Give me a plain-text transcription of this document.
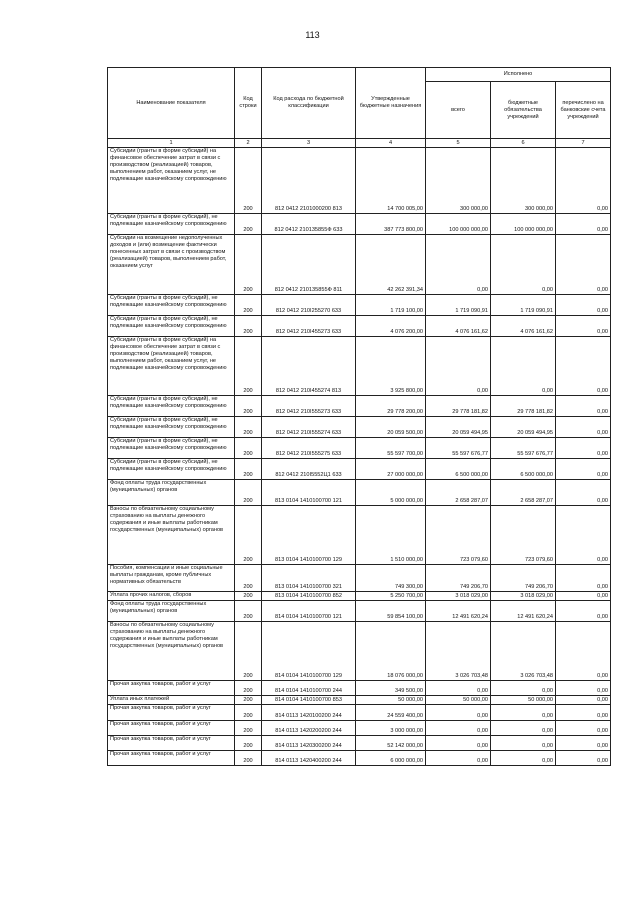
113
Наименование показателя	Код строки	Код расхода по бюджетной классификации	Утвержденные бюджетные назначения	Исполнено		
				всего	бюджетные обязательства учреждений	перечислено на банковские счета учреждений
1	2	3	4	5	6	7
Субсидии (гранты в форме субсидий) на финансовое обеспечение затрат в связи с производством (реализацией) товаров, выполнением работ, оказанием услуг, не подлежащие казначейскому сопровождению	200	812 0412 2101000200 813	14 700 005,00	300 000,00	300 000,00	0,00
Субсидии (гранты в форме субсидий), не подлежащие казначейскому сопровождению	200	812 0412 210135855Ф 633	387 773 800,00	100 000 000,00	100 000 000,00	0,00
Субсидии на возмещение недополученных доходов и (или) возмещение фактически понесенных затрат в связи с производством (реализацией) товаров, выполнением работ, оказанием услуг	200	812 0412 210135855Ф 811	42 262 391,34	0,00	0,00	0,00
Субсидии (гранты в форме субсидий), не подлежащие казначейскому сопровождению	200	812 0412 210I255270 633	1 719 100,00	1 719 090,91	1 719 090,91	0,00
Субсидии (гранты в форме субсидий), не подлежащие казначейскому сопровождению	200	812 0412 210I455273 633	4 076 200,00	4 076 161,62	4 076 161,62	0,00
Субсидии (гранты в форме субсидий) на финансовое обеспечение затрат в связи с производством (реализацией) товаров, выполнением работ, оказанием услуг, не подлежащие казначейскому сопровождению	200	812 0412 210I455274 813	3 925 800,00	0,00	0,00	0,00
Субсидии (гранты в форме субсидий), не подлежащие казначейскому сопровождению	200	812 0412 210I555273 633	29 778 200,00	29 778 181,82	29 778 181,82	0,00
Субсидии (гранты в форме субсидий), не подлежащие казначейскому сопровождению	200	812 0412 210I555274 633	20 059 500,00	20 059 494,95	20 059 494,95	0,00
Субсидии (гранты в форме субсидий), не подлежащие казначейскому сопровождению	200	812 0412 210I555275 633	55 597 700,00	55 597 676,77	55 597 676,77	0,00
Субсидии (гранты в форме субсидий), не подлежащие казначейскому сопровождению	200	812 0412 210I5552Ц1 633	27 000 000,00	6 500 000,00	6 500 000,00	0,00
Фонд оплаты труда государственных (муниципальных) органов	200	813 0104 1410100700 121	5 000 000,00	2 658 287,07	2 658 287,07	0,00
Взносы по обязательному социальному страхованию на выплаты денежного содержания и иные выплаты работникам государственных (муниципальных) органов	200	813 0104 1410100700 129	1 510 000,00	723 079,60	723 079,60	0,00
Пособия, компенсации и иные социальные выплаты гражданам, кроме публичных нормативных обязательств	200	813 0104 1410100700 321	749 300,00	749 206,70	749 206,70	0,00
Уплата прочих налогов, сборов	200	813 0104 1410100700 852	5 250 700,00	3 018 029,00	3 018 029,00	0,00
Фонд оплаты труда государственных (муниципальных) органов	200	814 0104 1410100700 121	59 854 100,00	12 491 620,24	12 491 620,24	0,00
Взносы по обязательному социальному страхованию на выплаты денежного содержания и иные выплаты работникам государственных (муниципальных) органов	200	814 0104 1410100700 129	18 076 000,00	3 026 703,48	3 026 703,48	0,00
Прочая закупка товаров, работ и услуг	200	814 0104 1410100700 244	349 500,00	0,00	0,00	0,00
Уплата иных платежей	200	814 0104 1410100700 853	50 000,00	50 000,00	50 000,00	0,00
Прочая закупка товаров, работ и услуг	200	814 0113 1420100200 244	24 559 400,00	0,00	0,00	0,00
Прочая закупка товаров, работ и услуг	200	814 0113 1420200200 244	3 000 000,00	0,00	0,00	0,00
Прочая закупка товаров, работ и услуг	200	814 0113 1420300200 244	52 142 000,00	0,00	0,00	0,00
Прочая закупка товаров, работ и услуг	200	814 0113 1420400200 244	6 000 000,00	0,00	0,00	0,00
